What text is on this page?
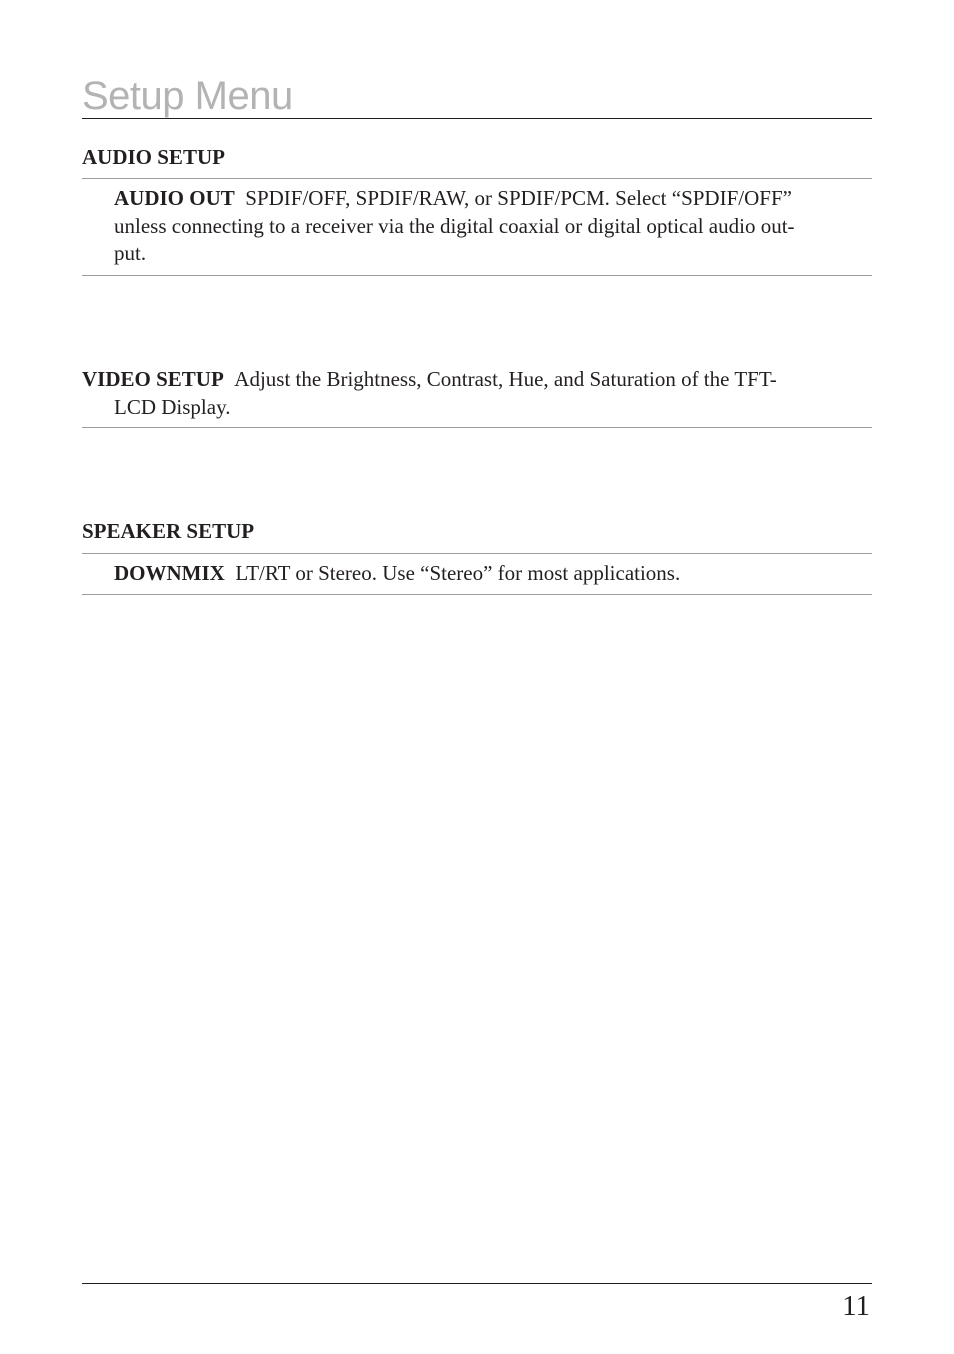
Setup Menu
AUDIO SETUP
AUDIO OUT SPDIF/OFF, SPDIF/RAW, or SPDIF/PCM. Select “SPDIF/OFF”
unless connecting to a receiver via the digital coaxial or digital optical audio out-
put.
VIDEO SETUP Adjust the Brightness, Contrast, Hue, and Saturation of the TFT-
LCD Display.
SPEAKER SETUP
DOWNMIX LT/RT or Stereo. Use “Stereo” for most applications.
11
